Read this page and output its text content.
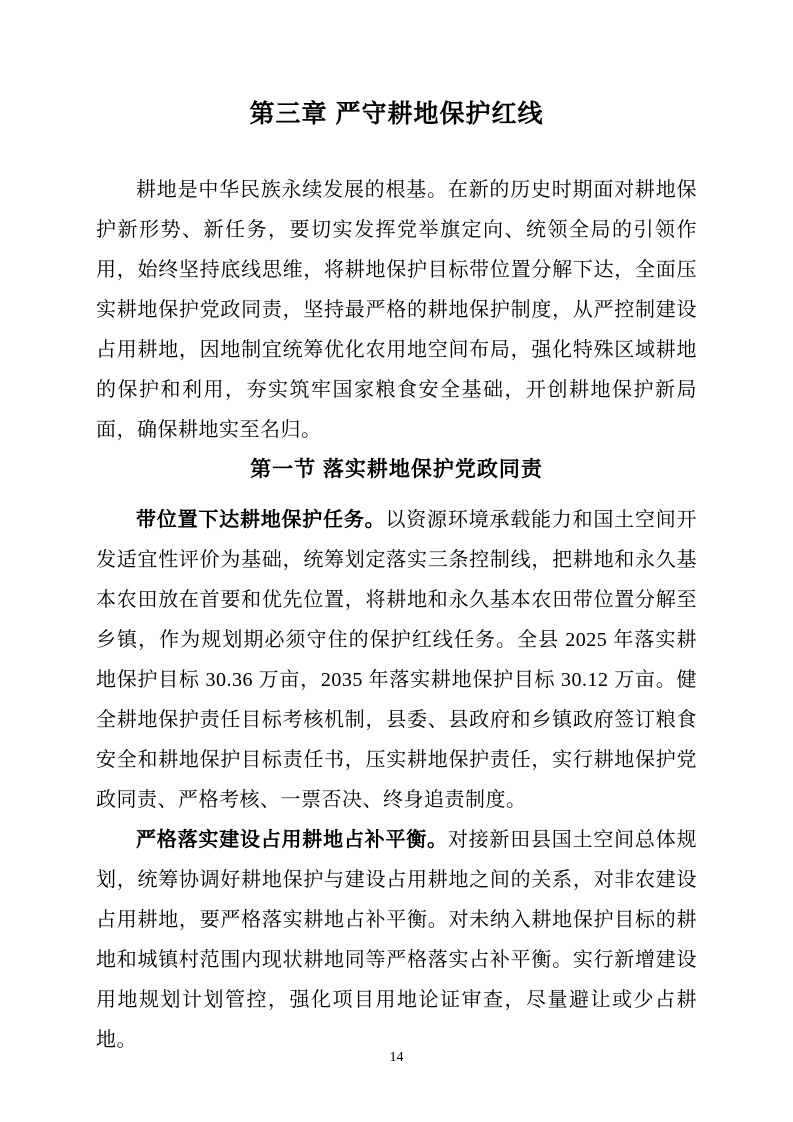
第三章 严守耕地保护红线

耕地是中华民族永续发展的根基。在新的历史时期面对耕地保护新形势、新任务，要切实发挥党举旗定向、统领全局的引领作用，始终坚持底线思维，将耕地保护目标带位置分解下达，全面压实耕地保护党政同责，坚持最严格的耕地保护制度，从严控制建设占用耕地，因地制宜统筹优化农用地空间布局，强化特殊区域耕地的保护和利用，夯实筑牢国家粮食安全基础，开创耕地保护新局面，确保耕地实至名归。

第一节 落实耕地保护党政同责

带位置下达耕地保护任务。以资源环境承载能力和国土空间开发适宜性评价为基础，统筹划定落实三条控制线，把耕地和永久基本农田放在首要和优先位置，将耕地和永久基本农田带位置分解至乡镇，作为规划期必须守住的保护红线任务。全县 2025 年落实耕地保护目标 30.36 万亩，2035 年落实耕地保护目标 30.12 万亩。健全耕地保护责任目标考核机制，县委、县政府和乡镇政府签订粮食安全和耕地保护目标责任书，压实耕地保护责任，实行耕地保护党政同责、严格考核、一票否决、终身追责制度。

严格落实建设占用耕地占补平衡。对接新田县国土空间总体规划，统筹协调好耕地保护与建设占用耕地之间的关系，对非农建设占用耕地，要严格落实耕地占补平衡。对未纳入耕地保护目标的耕地和城镇村范围内现状耕地同等严格落实占补平衡。实行新增建设用地规划计划管控，强化项目用地论证审查，尽量避让或少占耕地。

14
